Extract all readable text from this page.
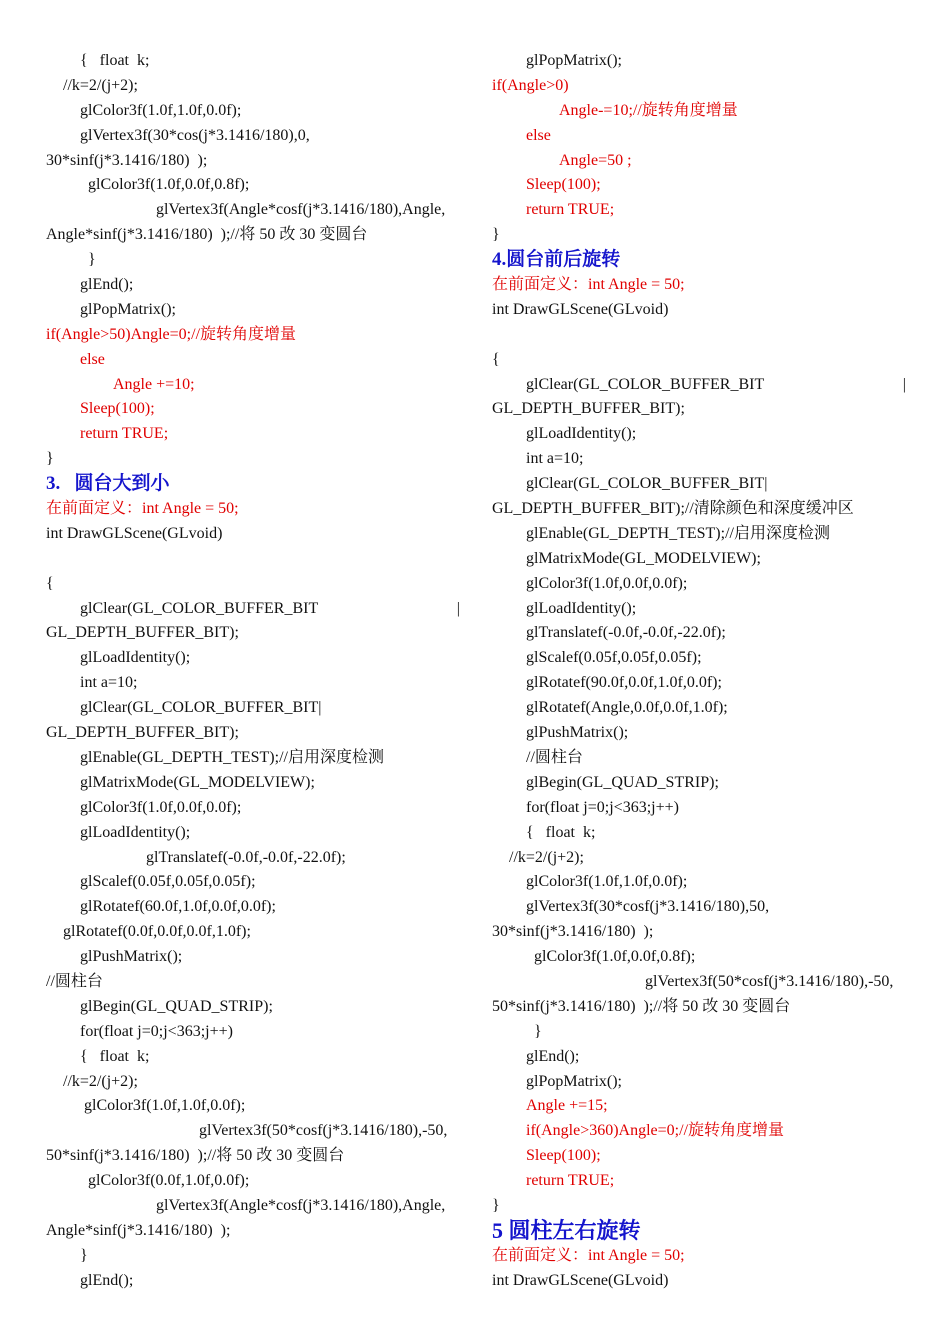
{   float  k;
//k=2/(j+2);
glColor3f(1.0f,1.0f,0.0f);
glVertex3f(30*cos(j*3.1416/180),0,
30*sinf(j*3.1416/180)  );
glColor3f(1.0f,0.0f,0.8f);
glVertex3f(Angle*cosf(j*3.1416/180),Angle,
Angle*sinf(j*3.1416/180)  );//将 50 改 30 变圆台
}
glEnd();
glPopMatrix();
if(Angle>50)Angle=0;//旋转角度增量
else
Angle +=10;
Sleep(100);
return TRUE;
}
3.   圆台大到小
在前面定义：int Angle = 50;
int DrawGLScene(GLvoid)
{
glClear(GL_COLOR_BUFFER_BIT	|
GL_DEPTH_BUFFER_BIT);
glLoadIdentity();
int a=10;
glClear(GL_COLOR_BUFFER_BIT|
GL_DEPTH_BUFFER_BIT);
glEnable(GL_DEPTH_TEST);//启用深度检测
glMatrixMode(GL_MODELVIEW);
glColor3f(1.0f,0.0f,0.0f);
glLoadIdentity();
glTranslatef(-0.0f,-0.0f,-22.0f);
glScalef(0.05f,0.05f,0.05f);
glRotatef(60.0f,1.0f,0.0f,0.0f);
glRotatef(0.0f,0.0f,0.0f,1.0f);
glPushMatrix();
//圆柱台
glBegin(GL_QUAD_STRIP);
for(float j=0;j<363;j++)
{   float  k;
//k=2/(j+2);
glColor3f(1.0f,1.0f,0.0f);
glVertex3f(50*cosf(j*3.1416/180),-50,
50*sinf(j*3.1416/180)  );//将 50 改 30 变圆台
glColor3f(0.0f,1.0f,0.0f);
glVertex3f(Angle*cosf(j*3.1416/180),Angle,
Angle*sinf(j*3.1416/180)  );
}
glEnd();
glPopMatrix();
if(Angle>0)
Angle-=10;//旋转角度增量
else
Angle=50 ;
Sleep(100);
return TRUE;
}
4.圆台前后旋转
在前面定义：int Angle = 50;
int DrawGLScene(GLvoid)
{
glClear(GL_COLOR_BUFFER_BIT	|
GL_DEPTH_BUFFER_BIT);
glLoadIdentity();
int a=10;
glClear(GL_COLOR_BUFFER_BIT|
GL_DEPTH_BUFFER_BIT);//清除颜色和深度缓冲区
glEnable(GL_DEPTH_TEST);//启用深度检测
glMatrixMode(GL_MODELVIEW);
glColor3f(1.0f,0.0f,0.0f);
glLoadIdentity();
glTranslatef(-0.0f,-0.0f,-22.0f);
glScalef(0.05f,0.05f,0.05f);
glRotatef(90.0f,0.0f,1.0f,0.0f);
glRotatef(Angle,0.0f,0.0f,1.0f);
glPushMatrix();
//圆柱台
glBegin(GL_QUAD_STRIP);
for(float j=0;j<363;j++)
{   float  k;
//k=2/(j+2);
glColor3f(1.0f,1.0f,0.0f);
glVertex3f(30*cosf(j*3.1416/180),50,
30*sinf(j*3.1416/180)  );
glColor3f(1.0f,0.0f,0.8f);
glVertex3f(50*cosf(j*3.1416/180),-50,
50*sinf(j*3.1416/180)  );//将 50 改 30 变圆台
}
glEnd();
glPopMatrix();
Angle +=15;
if(Angle>360)Angle=0;//旋转角度增量
Sleep(100);
return TRUE;
}
5 圆柱左右旋转
在前面定义：int Angle = 50;
int DrawGLScene(GLvoid)
